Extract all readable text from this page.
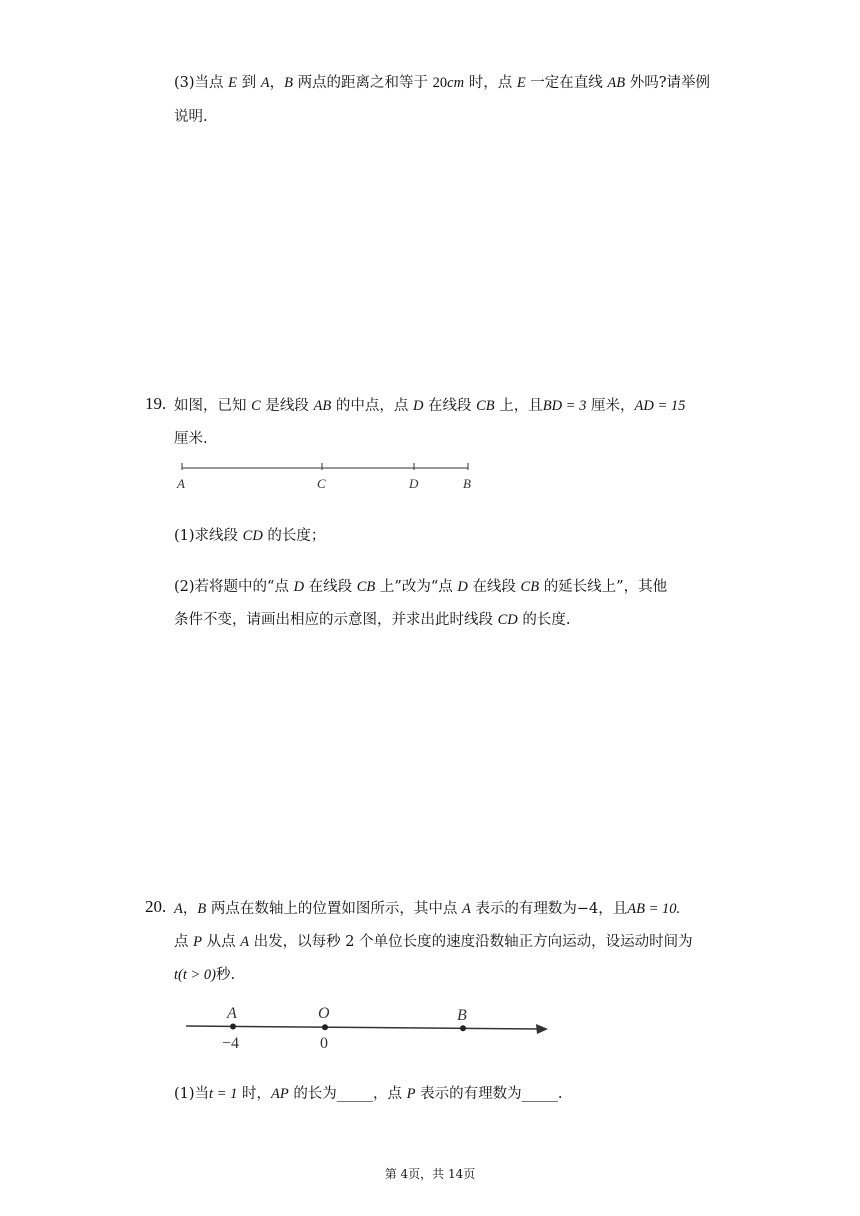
(3)当点 E 到 A，B 两点的距离之和等于 20cm 时，点 E 一定在直线 AB 外吗?请举例
说明.
19. 如图，已知 C 是线段 AB 的中点，点 D 在线段 CB 上，且BD = 3 厘米，AD = 15
厘米.
A	C	D	B
(1)求线段 CD 的长度；
(2)若将题中的“点 D 在线段 CB 上”改为“点 D 在线段 CB 的延长线上”，其他
条件不变，请画出相应的示意图，并求出此时线段 CD 的长度.
20. A，B 两点在数轴上的位置如图所示，其中点 A 表示的有理数为−4，且AB = 10.
点 P 从点 A 出发，以每秒 2 个单位长度的速度沿数轴正方向运动，设运动时间为
t(t > 0)秒.
A	O	B
−4	0
(1)当t = 1 时，AP 的长为_____，点 P 表示的有理数为_____.
第 4页，共 14页
